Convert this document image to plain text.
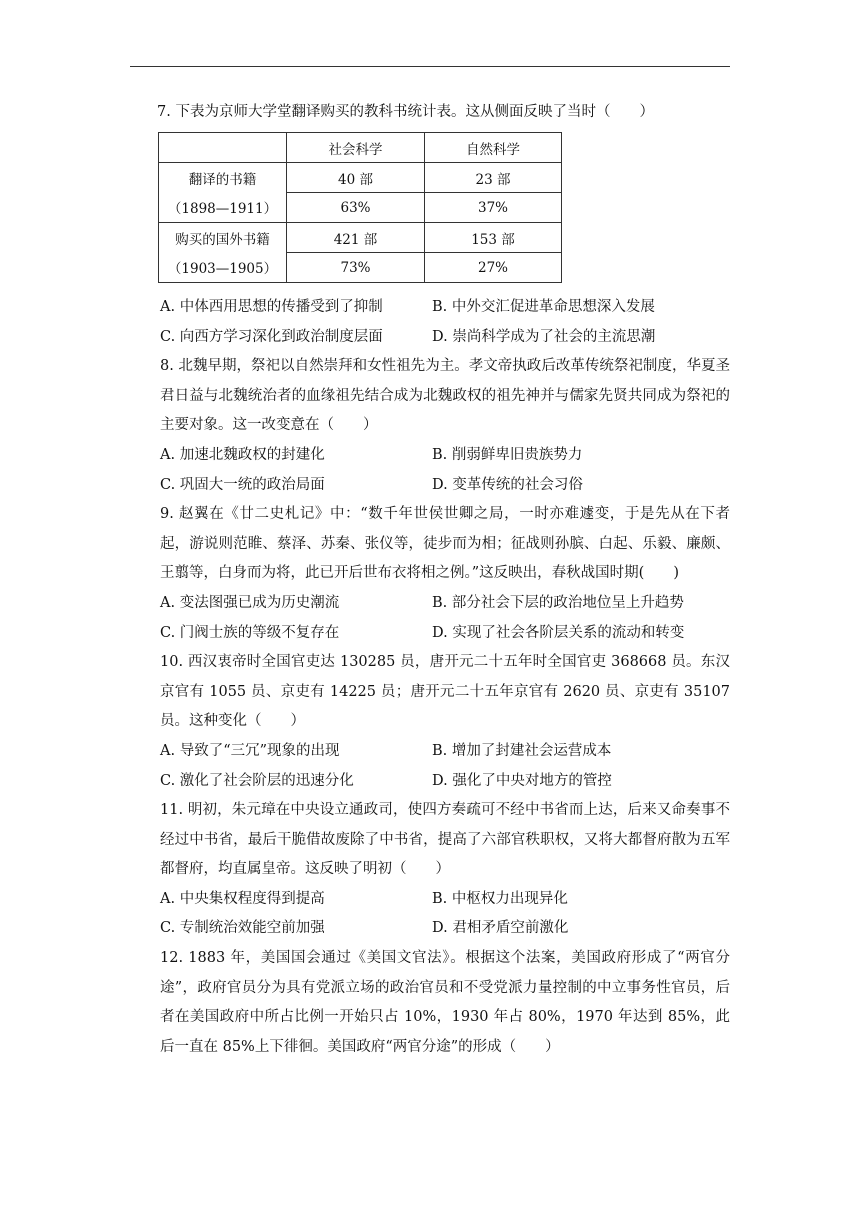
7. 下表为京师大学堂翻译购买的教科书统计表。这从侧面反映了当时（　　）
	社会科学	自然科学
翻译的书籍	40 部	23 部
（1898—1911）	63%	37%
购买的国外书籍	421 部	153 部
（1903—1905）	73%	27%
A. 中体西用思想的传播受到了抑制	B. 中外交汇促进革命思想深入发展
C. 向西方学习深化到政治制度层面	D. 崇尚科学成为了社会的主流思潮
8. 北魏早期，祭祀以自然崇拜和女性祖先为主。孝文帝执政后改革传统祭祀制度，华夏圣君日益与北魏统治者的血缘祖先结合成为北魏政权的祖先神并与儒家先贤共同成为祭祀的主要对象。这一改变意在（　　）
A. 加速北魏政权的封建化	B. 削弱鲜卑旧贵族势力
C. 巩固大一统的政治局面	D. 变革传统的社会习俗
9. 赵翼在《廿二史札记》中：“数千年世侯世卿之局，一时亦难遽变，于是先从在下者起，游说则范睢、蔡泽、苏秦、张仪等，徒步而为相；征战则孙膑、白起、乐毅、廉颇、王翦等，白身而为将，此已开后世布衣将相之例。”这反映出，春秋战国时期(　　)
A. 变法图强已成为历史潮流	B. 部分社会下层的政治地位呈上升趋势
C. 门阀士族的等级不复存在	D. 实现了社会各阶层关系的流动和转变
10. 西汉衷帝时全国官吏达 130285 员，唐开元二十五年时全国官吏 368668 员。东汉京官有 1055 员、京吏有 14225 员；唐开元二十五年京官有 2620 员、京吏有 35107 员。这种变化（　　）
A. 导致了“三冗”现象的出现	B. 增加了封建社会运营成本
C. 激化了社会阶层的迅速分化	D. 强化了中央对地方的管控
11. 明初，朱元璋在中央设立通政司，使四方奏疏可不经中书省而上达，后来又命奏事不经过中书省，最后干脆借故废除了中书省，提高了六部官秩职权，又将大都督府散为五军都督府，均直属皇帝。这反映了明初（　　）
A. 中央集权程度得到提高	B. 中枢权力出现异化
C. 专制统治效能空前加强	D. 君相矛盾空前激化
12. 1883 年，美国国会通过《美国文官法》。根据这个法案，美国政府形成了“两官分途”，政府官员分为具有党派立场的政治官员和不受党派力量控制的中立事务性官员，后者在美国政府中所占比例一开始只占 10%，1930 年占 80%，1970 年达到 85%，此后一直在 85%上下徘徊。美国政府“两官分途”的形成（　　）
